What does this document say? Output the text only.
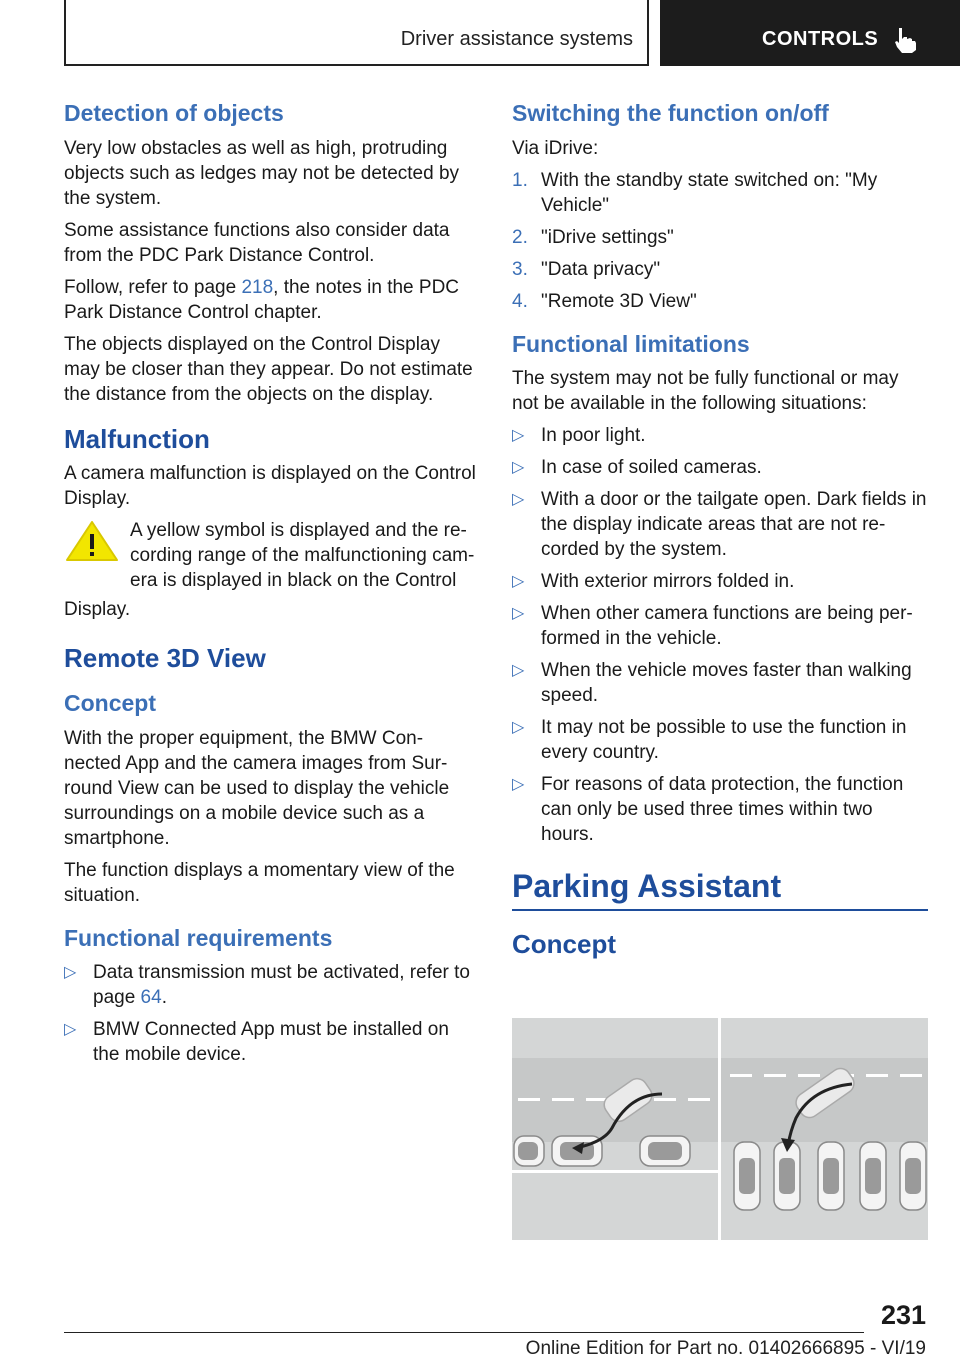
Driver assistance systems	CONTROLS
Detection of objects

Very low obstacles as well as high, protruding objects such as ledges may not be detected by the system.

Some assistance functions also consider data from the PDC Park Distance Control.

Follow, refer to page 218, the notes in the PDC Park Distance Control chapter.

The objects displayed on the Control Display may be closer than they appear. Do not estimate the distance from the objects on the display.

Malfunction

A camera malfunction is displayed on the Control Display.

A yellow symbol is displayed and the re‐ cording range of the malfunctioning cam‐ era is displayed in black on the Control

Display.

Remote 3D View
Concept

With the proper equipment, the BMW Con‐ nected App and the camera images from Sur‐ round View can be used to display the vehicle surroundings on a mobile device such as a smartphone.

The function displays a momentary view of the situation.

Functional requirements
▷ Data transmission must be activated, refer to page 64.
▷ BMW Connected App must be installed on the mobile device.
Switching the function on/off

Via iDrive:

1. With the standby state switched on: "My Vehicle"
2. "iDrive settings"
3. "Data privacy"
4. "Remote 3D View"
Functional limitations

The system may not be fully functional or may not be available in the following situations:

▷ In poor light.
▷ In case of soiled cameras.
▷ With a door or the tailgate open. Dark fields in the display indicate areas that are not re‐ corded by the system.
▷ With exterior mirrors folded in.
▷ When other camera functions are being per‐ formed in the vehicle.
▷ When the vehicle moves faster than walking speed.
▷ It may not be possible to use the function in every country.
▷ For reasons of data protection, the function can only be used three times within two hours.
Parking Assistant
Concept
231
Online Edition for Part no. 01402666895 - VI/19
